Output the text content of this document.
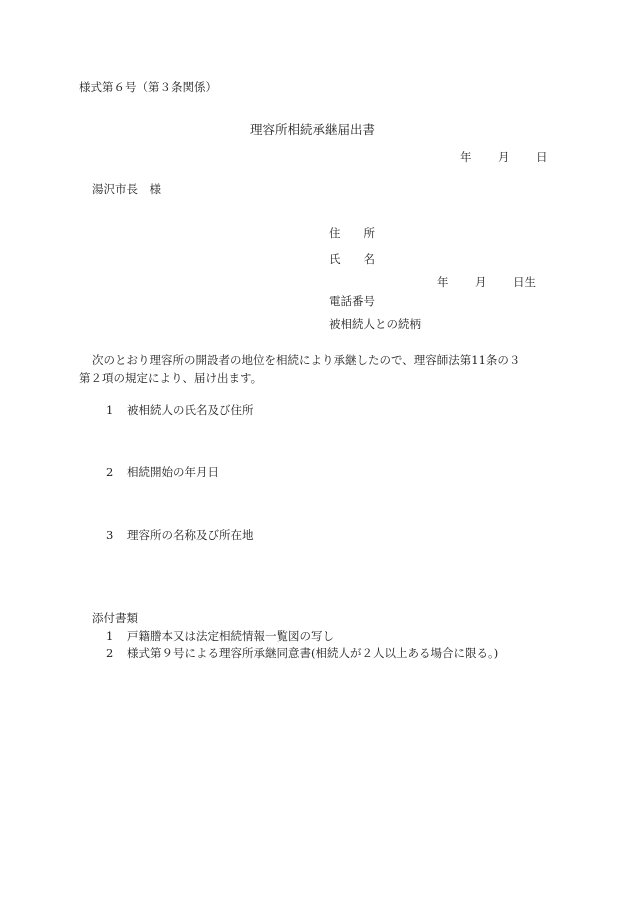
様式第６号（第３条関係）
理容所相続承継届出書
年 月 日
湯沢市長　様
住　　所
氏　　名
年 月 日生
電話番号
被相続人との続柄
次のとおり理容所の開設者の地位を相続により承継したので、理容師法第11条の３
第２項の規定により、届け出ます。
1 被相続人の氏名及び住所
2 相続開始の年月日
3 理容所の名称及び所在地
添付書類
1 戸籍謄本又は法定相続情報一覧図の写し
2 様式第９号による理容所承継同意書(相続人が２人以上ある場合に限る。)
